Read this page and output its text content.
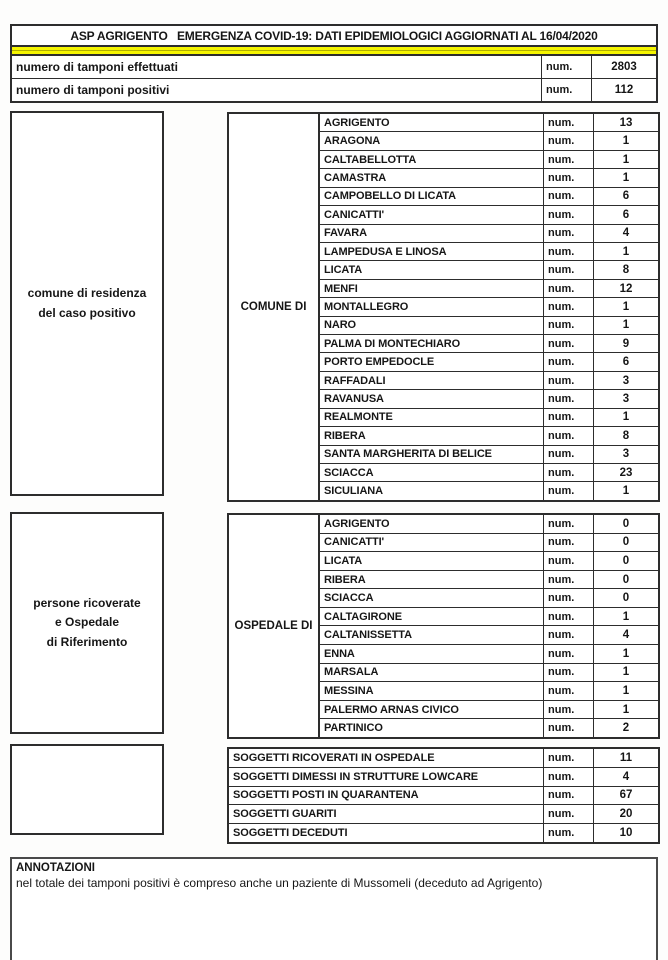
ASP AGRIGENTO   EMERGENZA COVID-19: DATI EPIDEMIOLOGICI AGGIORNATI AL 16/04/2020
numero di tamponi effettuati	num.	2803
numero di tamponi positivi	num.	112
comune di residenza
del caso positivo	COMUNE DI
AGRIGENTO	num.	13
ARAGONA	num.	1
CALTABELLOTTA	num.	1
CAMASTRA	num.	1
CAMPOBELLO DI LICATA	num.	6
CANICATTI'	num.	6
FAVARA	num.	4
LAMPEDUSA E LINOSA	num.	1
LICATA	num.	8
MENFI	num.	12
MONTALLEGRO	num.	1
NARO	num.	1
PALMA DI MONTECHIARO	num.	9
PORTO EMPEDOCLE	num.	6
RAFFADALI	num.	3
RAVANUSA	num.	3
REALMONTE	num.	1
RIBERA	num.	8
SANTA MARGHERITA DI BELICE	num.	3
SCIACCA	num.	23
SICULIANA	num.	1
persone ricoverate
e Ospedale
di Riferimento
OSPEDALE DI
AGRIGENTO	num.	0
CANICATTI'	num.	0
LICATA	num.	0
RIBERA	num.	0
SCIACCA	num.	0
CALTAGIRONE	num.	1
CALTANISSETTA	num.	4
ENNA	num.	1
MARSALA	num.	1
MESSINA	num.	1
PALERMO ARNAS CIVICO	num.	1
PARTINICO	num.	2
SOGGETTI RICOVERATI IN OSPEDALE	num.	11
SOGGETTI DIMESSI IN STRUTTURE LOWCARE	num.	4
SOGGETTI POSTI IN QUARANTENA	num.	67
SOGGETTI GUARITI	num.	20
SOGGETTI DECEDUTI	num.	10
ANNOTAZIONI
nel totale dei tamponi positivi è compreso anche un paziente di Mussomeli (deceduto ad Agrigento)
